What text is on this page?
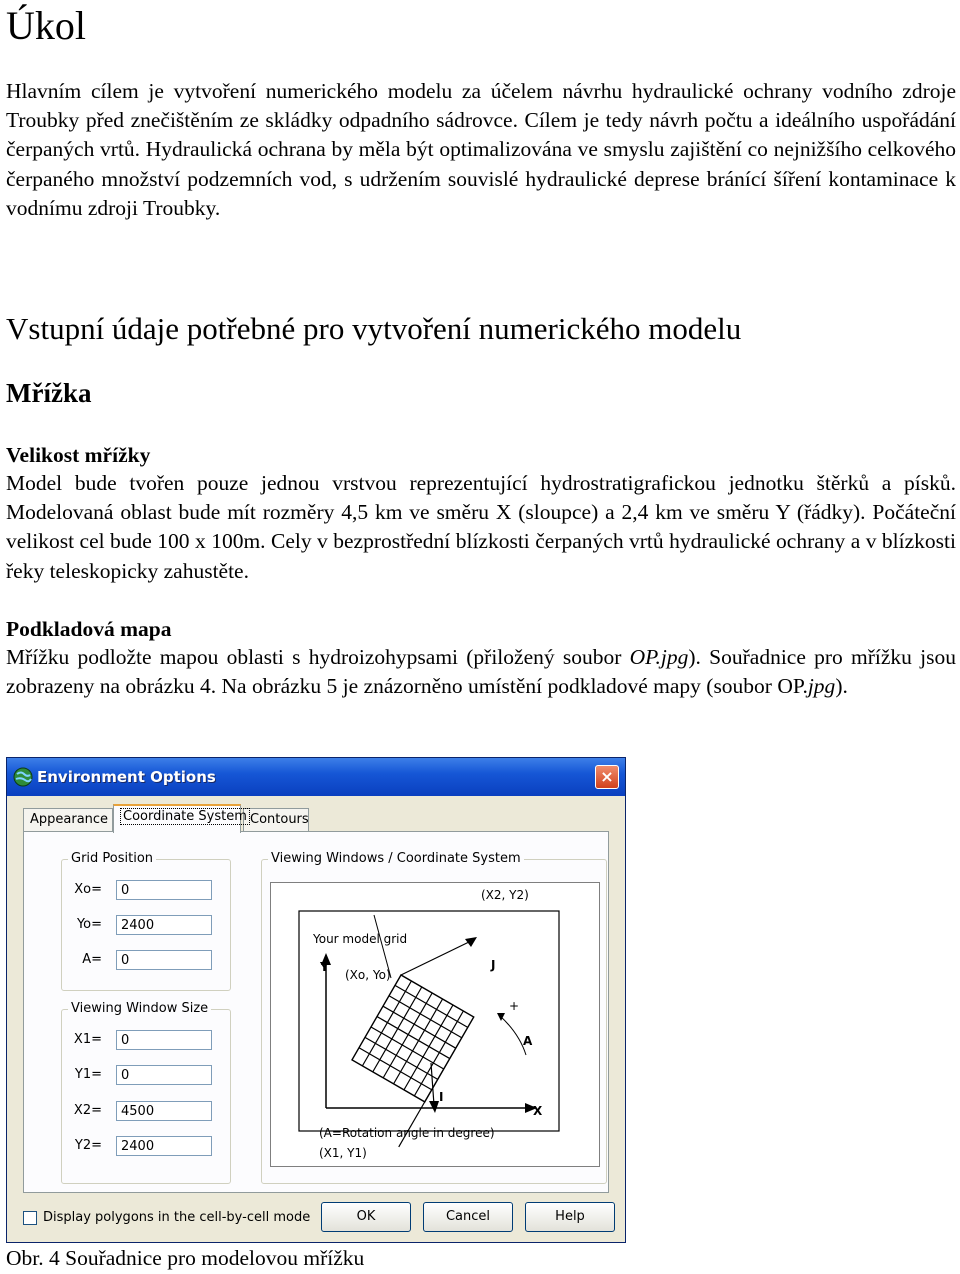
Úkol

Hlavním cílem je vytvoření numerického modelu za účelem návrhu hydraulické ochrany vodního zdroje Troubky před znečištěním ze skládky odpadního sádrovce. Cílem je tedy návrh počtu a ideálního uspořádání čerpaných vrtů. Hydraulická ochrana by měla být optimalizována ve smyslu zajištění co nejnižšího celkového čerpaného množství podzemních vod, s udržením souvislé hydraulické deprese bránící šíření kontaminace k vodnímu zdroji Troubky.

Vstupní údaje potřebné pro vytvoření numerického modelu
Mřížka
Velikost mřížky

Model bude tvořen pouze jednou vrstvou reprezentující hydrostratigrafickou jednotku štěrků a písků. Modelovaná oblast bude mít rozměry 4,5 km ve směru X (sloupce) a 2,4 km ve směru Y (řádky). Počáteční velikost cel bude 100 x 100m. Cely v bezprostřední blízkosti čerpaných vrtů hydraulické ochrany a v blízkosti řeky teleskopicky zahustěte.

Podkladová mapa

Mřížku podložte mapou oblasti s hydroizohypsami (přiložený soubor OP.jpg). Souřadnice pro mřížku jsou zobrazeny na obrázku 4. Na obrázku 5 je znázorněno umístění podkladové mapy (soubor OP.jpg).

Environment Options	×
Appearance	Coordinate System Contours
Grid Position
Xo=
0
Yo=
2400
A=
0
Viewing Window Size
X1=
0
Y1=
0
X2=
4500
Y2=
2400
Viewing Windows / Coordinate System
(X2, Y2)
Your model grid
Y
(Xo, Yo)
J
+
A
I
X
(A=Rotation angle in degree)
(X1, Y1)
Display polygons in the cell-by-cell mode	OK	Cancel	Help

Obr. 4 Souřadnice pro modelovou mřížku
